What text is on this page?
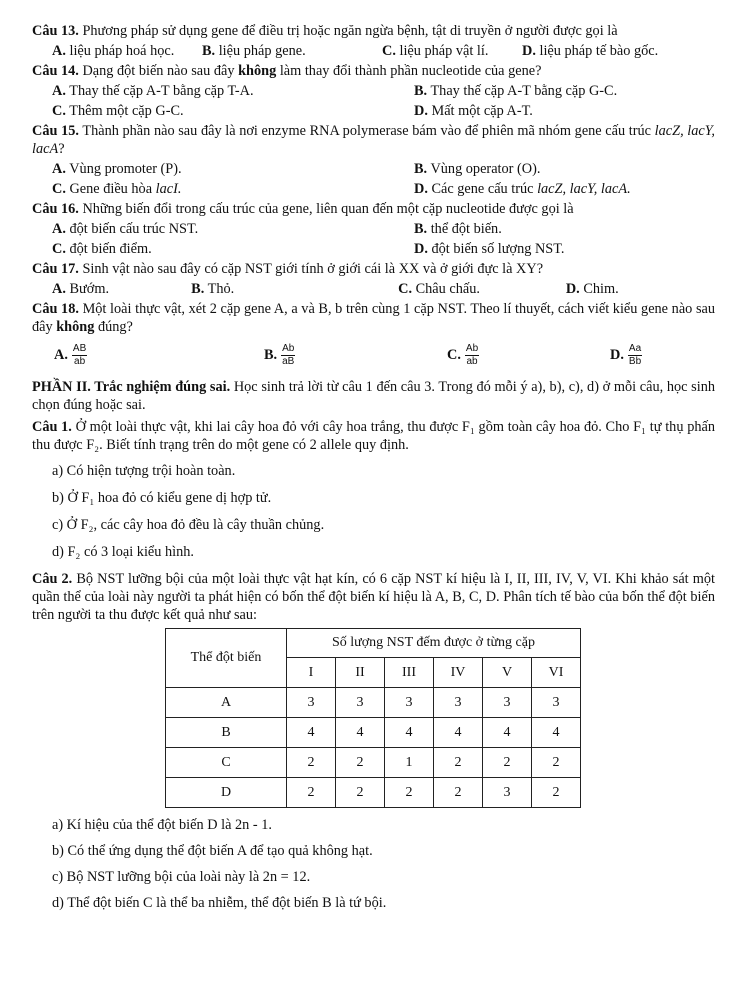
Câu 13. Phương pháp sử dụng gene để điều trị hoặc ngăn ngừa bệnh, tật di truyền ở người được gọi là

A. liệu pháp hoá học.	B. liệu pháp gene.	C. liệu pháp vật lí.	D. liệu pháp tế bào gốc.

Câu 14. Dạng đột biến nào sau đây không làm thay đổi thành phần nucleotide của gene?

A. Thay thế cặp A-T bằng cặp T-A.	B. Thay thế cặp A-T bằng cặp G-C.
C. Thêm một cặp G-C.	D. Mất một cặp A-T.

Câu 15. Thành phần nào sau đây là nơi enzyme RNA polymerase bám vào để phiên mã nhóm gene cấu trúc lacZ, lacY, lacA?

A. Vùng promoter (P).	B. Vùng operator (O).
C. Gene điều hòa lacI.	D. Các gene cấu trúc lacZ, lacY, lacA.

Câu 16. Những biến đổi trong cấu trúc của gene, liên quan đến một cặp nucleotide được gọi là

A. đột biến cấu trúc NST.	B. thể đột biến.
C. đột biến điểm.	D. đột biến số lượng NST.

Câu 17. Sinh vật nào sau đây có cặp NST giới tính ở giới cái là XX và ở giới đực là XY?

A. Bướm.	B. Thỏ.	C. Châu chấu.	D. Chim.

Câu 18. Một loài thực vật, xét 2 cặp gene A, a và B, b trên cùng 1 cặp NST. Theo lí thuyết, cách viết kiểu gene nào sau đây không đúng?

A. $\frac{AB}{ab}$	B. $\frac{Ab}{aB}$	C. $\frac{Ab}{ab}$	D. $\frac{Aa}{Bb}$

PHẦN II. Trắc nghiệm đúng sai. Học sinh trả lời từ câu 1 đến câu 3. Trong đó mỗi ý a), b), c), d) ở mỗi câu, học sinh chọn đúng hoặc sai.

Câu 1. Ở một loài thực vật, khi lai cây hoa đỏ với cây hoa trắng, thu được F₁ gồm toàn cây hoa đỏ. Cho F₁ tự thụ phấn thu được F₂. Biết tính trạng trên do một gene có 2 allele quy định.

a) Có hiện tượng trội hoàn toàn.
b) Ở F₁ hoa đỏ có kiểu gene dị hợp tử.
c) Ở F₂, các cây hoa đỏ đều là cây thuần chủng.
d) F₂ có 3 loại kiểu hình.

Câu 2. Bộ NST lưỡng bội của một loài thực vật hạt kín, có 6 cặp NST kí hiệu là I, II, III, IV, V, VI. Khi khảo sát một quần thể của loài này người ta phát hiện có bốn thể đột biến kí hiệu là A, B, C, D. Phân tích tế bào của bốn thể đột biến trên người ta thu được kết quả như sau:

Thể đột biến	Số lượng NST đếm được ở từng cặp					
	I	II	III	IV	V	VI
A	3	3	3	3	3	3
B	4	4	4	4	4	4
C	2	2	1	2	2	2
D	2	2	2	2	3	2
a) Kí hiệu của thể đột biến D là 2n - 1.
b) Có thể ứng dụng thể đột biến A để tạo quả không hạt.
c) Bộ NST lưỡng bội của loài này là 2n = 12.
d) Thể đột biến C là thể ba nhiễm, thể đột biến B là tứ bội.
